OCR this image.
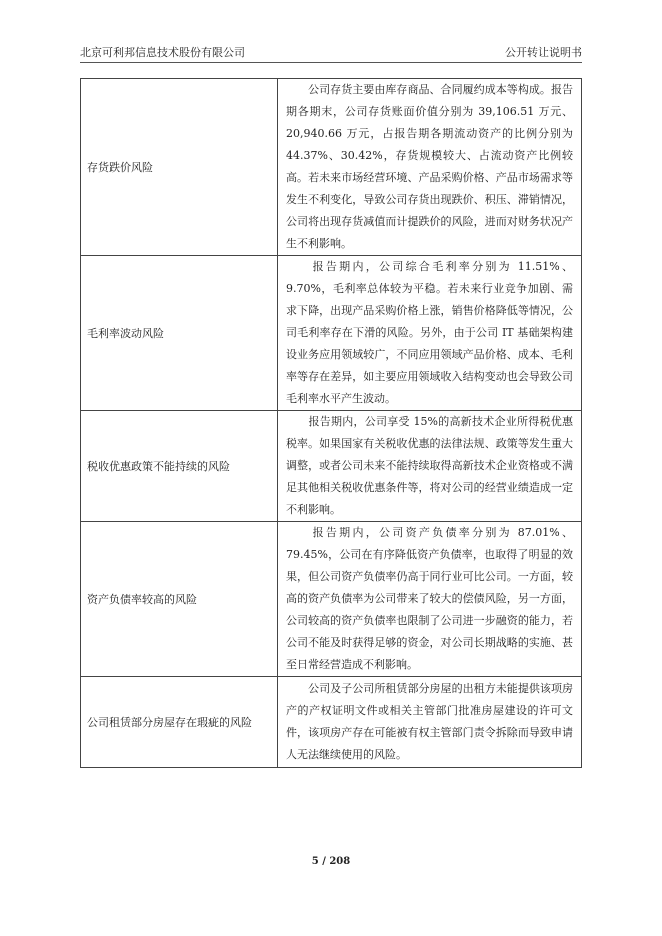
北京可利邦信息技术股份有限公司	公开转让说明书
存货跌价风险	　　公司存货主要由库存商品、合同履约成本等构成。报告期各期末，公司存货账面价值分别为 39,106.51 万元、20,940.66 万元，占报告期各期流动资产的比例分别为44.37%、30.42%，存货规模较大、占流动资产比例较高。若未来市场经营环境、产品采购价格、产品市场需求等发生不利变化，导致公司存货出现跌价、积压、滞销情况，公司将出现存货减值而计提跌价的风险，进而对财务状况产生不利影响。
毛利率波动风险	　　报告期内，公司综合毛利率分别为 11.51%、9.70%，毛利率总体较为平稳。若未来行业竞争加剧、需求下降，出现产品采购价格上涨，销售价格降低等情况，公司毛利率存在下滑的风险。另外，由于公司 IT 基础架构建设业务应用领域较广，不同应用领域产品价格、成本、毛利率等存在差异，如主要应用领域收入结构变动也会导致公司毛利率水平产生波动。
税收优惠政策不能持续的风险	　　报告期内，公司享受 15%的高新技术企业所得税优惠税率。如果国家有关税收优惠的法律法规、政策等发生重大调整，或者公司未来不能持续取得高新技术企业资格或不满足其他相关税收优惠条件等，将对公司的经营业绩造成一定不利影响。
资产负债率较高的风险	　　报告期内，公司资产负债率分别为 87.01%、79.45%，公司在有序降低资产负债率，也取得了明显的效果，但公司资产负债率仍高于同行业可比公司。一方面，较高的资产负债率为公司带来了较大的偿债风险，另一方面，公司较高的资产负债率也限制了公司进一步融资的能力，若公司不能及时获得足够的资金，对公司长期战略的实施、甚至日常经营造成不利影响。
公司租赁部分房屋存在瑕疵的风险	　　公司及子公司所租赁部分房屋的出租方未能提供该项房产的产权证明文件或相关主管部门批准房屋建设的许可文件，该项房产存在可能被有权主管部门责令拆除而导致申请人无法继续使用的风险。
5 / 208
